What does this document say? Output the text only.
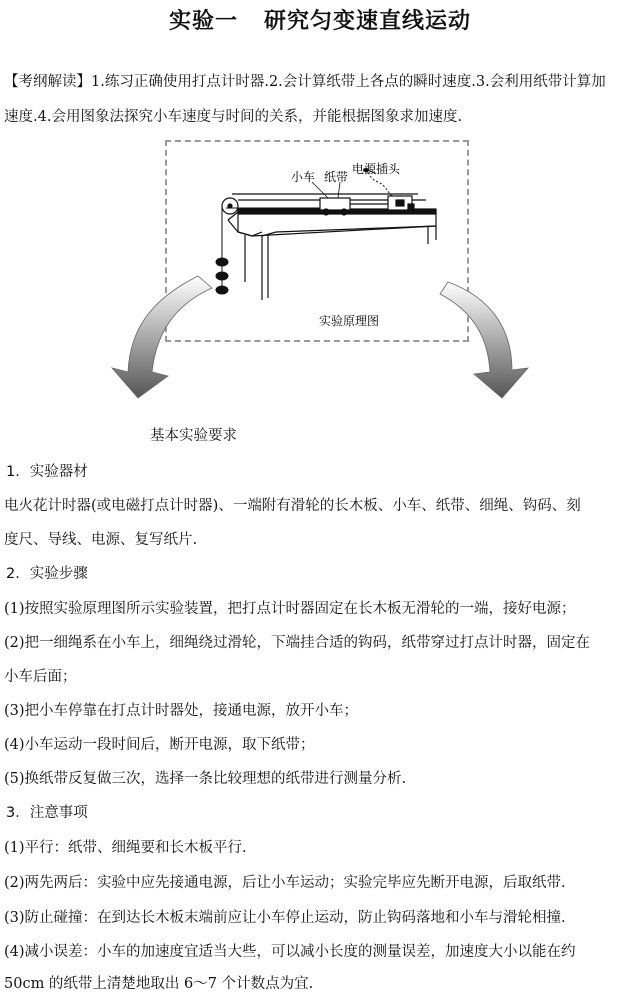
实验一 研究匀变速直线运动
【考纲解读】1.练习正确使用打点计时器.2.会计算纸带上各点的瞬时速度.3.会利用纸带计算加
速度.4.会用图象法探究小车速度与时间的关系，并能根据图象求加速度.
小车 纸带
电源插头
实验原理图
基本实验要求
1．实验器材
电火花计时器(或电磁打点计时器)、一端附有滑轮的长木板、小车、纸带、细绳、钩码、刻
度尺、导线、电源、复写纸片.
2．实验步骤
(1)按照实验原理图所示实验装置，把打点计时器固定在长木板无滑轮的一端，接好电源；
(2)把一细绳系在小车上，细绳绕过滑轮，下端挂合适的钩码，纸带穿过打点计时器，固定在
小车后面；
(3)把小车停靠在打点计时器处，接通电源，放开小车；
(4)小车运动一段时间后，断开电源，取下纸带；
(5)换纸带反复做三次，选择一条比较理想的纸带进行测量分析.
3．注意事项
(1)平行：纸带、细绳要和长木板平行.
(2)两先两后：实验中应先接通电源，后让小车运动；实验完毕应先断开电源，后取纸带.
(3)防止碰撞：在到达长木板末端前应让小车停止运动，防止钩码落地和小车与滑轮相撞.
(4)减小误差：小车的加速度宜适当大些，可以减小长度的测量误差，加速度大小以能在约
50cm 的纸带上清楚地取出 6～7 个计数点为宜.
